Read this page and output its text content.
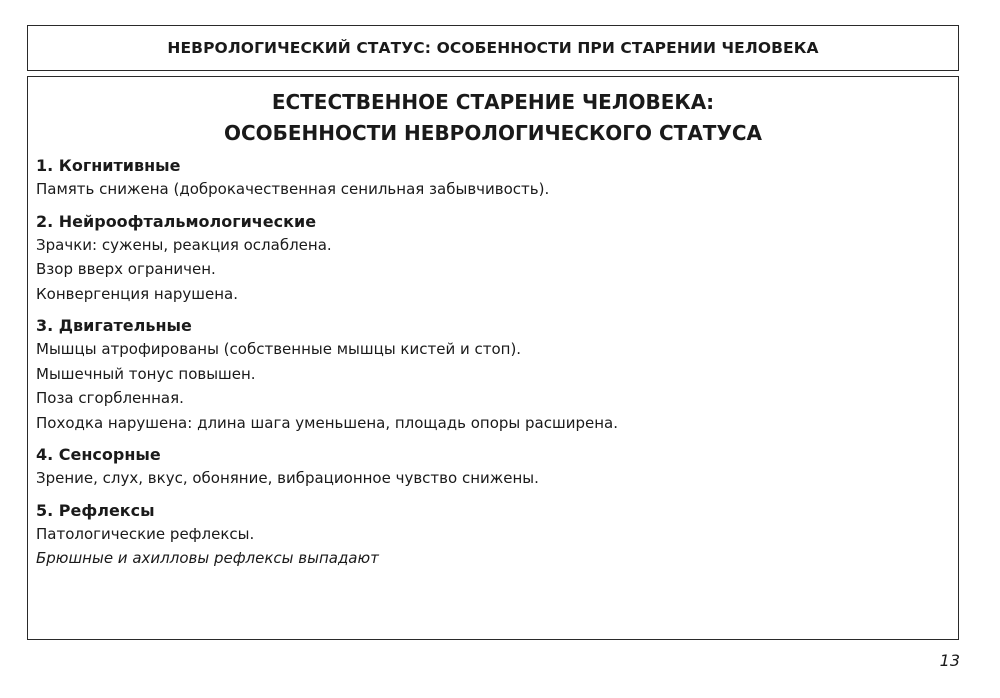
НЕВРОЛОГИЧЕСКИЙ СТАТУС: ОСОБЕННОСТИ ПРИ СТАРЕНИИ ЧЕЛОВЕКА
ЕСТЕСТВЕННОЕ СТАРЕНИЕ ЧЕЛОВЕКА:
ОСОБЕННОСТИ НЕВРОЛОГИЧЕСКОГО СТАТУСА

1. Когнитивные

Память снижена (доброкачественная сенильная забывчивость).

2. Нейроофтальмологические

Зрачки: сужены, реакция ослаблена.

Взор вверх ограничен.

Конвергенция нарушена.

3. Двигательные

Мышцы атрофированы (собственные мышцы кистей и стоп).

Мышечный тонус повышен.

Поза сгорбленная.

Походка нарушена: длина шага уменьшена, площадь опоры расширена.

4. Сенсорные

Зрение, слух, вкус, обоняние, вибрационное чувство снижены.

5. Рефлексы

Патологические рефлексы.

Брюшные и ахилловы рефлексы выпадают

13
